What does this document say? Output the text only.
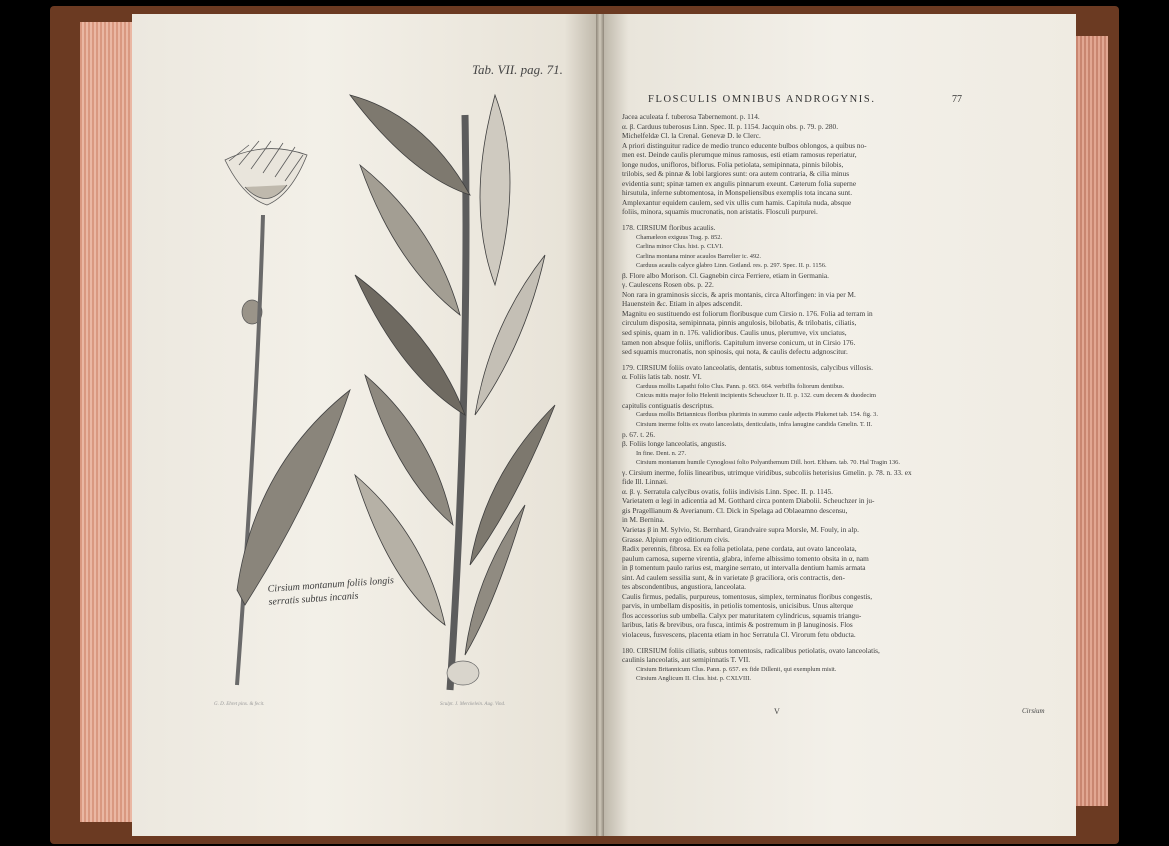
Tab. VII. pag. 71.
Cirsium montanum foliis longis
serratis subtus incanis
G. D. Ehret pinx. & fecit.	Sculpt. J. Merckelein. Aug. Vind.
FLOSCULIS OMNIBUS ANDROGYNIS.	77
Jacea aculeata f. tuberosa Tabernemont. p. 114.
α. β. Carduus tuberosus Linn. Spec. II. p. 1154. Jacquin obs. p. 79. p. 280.
Michelfeldæ Cl. la Crenal. Genevæ D. le Clerc.
A priori distinguitur radice de medio trunco educente bulbos oblongos, a quibus no-
men est. Deinde caulis plerumque minus ramosus, esti etiam ramosus reperiatur,
longe nudos, unifloros, biflorus. Folia petiolata, semipinnata, pinnis bilobis,
trilobis, sed & pinnæ & lobi largiores sunt: ora autem contraria, & cilia minus
evidentia sunt; spinæ tamen ex angulis pinnarum exeunt. Cæterum folia superne
hirsutula, inferne subtomentosa, in Monspeliensibus exemplis tota incana sunt.
Amplexantur equidem caulem, sed vix ullis cum hamis. Capitula nuda, absque
foliis, minora, squamis mucronatis, non aristatis. Flosculi purpurei.
178. CIRSIUM floribus acaulis.
Chamæleon exiguus Trag. p. 852.
Carlina minor Clus. hist. p. CLVI.
Carlina montana minor acaulos Barrelier ic. 492.
Carduus acaulis calyce glabro Linn. Gotland. res. p. 297. Spec. II. p. 1156.
β. Flore albo Morison. Cl. Gagnebin circa Ferriere, etiam in Germania.
γ. Caulescens Rosen obs. p. 22.
Non rara in graminosis siccis, & apris montanis, circa Altorfingen: in via per M.
Hauenstein &c. Etiam in alpes adscendit.
Magnitu eo sustituendo est foliorum floribusque cum Cirsio n. 176. Folia ad terram in
circulum disposita, semipinnata, pinnis angulosis, bilobatis, & trilobatis, ciliatis,
sed spinis, quam in n. 176. validioribus. Caulis unus, plerumve, vix unciatus,
tamen non absque foliis, unifloris. Capitulum inverse conicum, ut in Cirsio 176.
sed squamis mucronatis, non spinosis, qui nota, & caulis defectu adgnoscitur.
179. CIRSIUM foliis ovato lanceolatis, dentatis, subtus tomentosis, calycibus villosis.
α. Foliis latis tab. nostr. VI.
Carduus mollis Lapathi folio Clus. Pann. p. 663. 664. verbiflis foliorum dentibus.
Cnicus mitis major folio Helenii incipientis Scheuchzer It. II. p. 132. cum decem & duodecim
capitulis contiguatis descriptus.
Carduus mollis Britannicus floribus plurimis in summo caule adjectis Plukenet tab. 154. fig. 3.
Cirsium inerme foliis ex ovato lanceolatis, denticulatis, infra lanugine candida Gmelin. T. II.
p. 67. t. 26.
β. Foliis longe lanceolatis, angustis.
In fine. Dent. n. 27.
Cirsium montanum humile Cynoglossi folio Polyanthemum Dill. hort. Eltham. tab. 70. Hal Tragin 136.
γ. Cirsium inerme, foliis linearibus, utrimque viridibus, subcoliis heterisius Gmelin. p. 78. n. 33. ex
fide Ill. Linnæi.
α. β. γ. Serratula calycibus ovatis, foliis indivisis Linn. Spec. II. p. 1145.
Varietatem α legi in adicentia ad M. Gotthard circa pontem Diabolii. Scheuchzer in ju-
gis Pragellianum & Averianum. Cl. Dick in Spelaga ad Oblaeamno descensu,
in M. Bernina.
Varietas β in M. Sylvio, St. Bernhard, Grandvaire supra Morsle, M. Fouly, in alp.
Grasse. Alpium ergo editiorum civis.
Radix perennis, fibrosa. Ex ea folia petiolata, pene cordata, aut ovato lanceolata,
paulum carnosa, superne virentia, glabra, inferne albissimo tomento obsita in α, nam
in β tomentum paulo rarius est, margine serrato, ut intervalla dentium hamis armata
sint. Ad caulem sessilia sunt, & in varietate β graciliora, oris contractis, den-
tes abscondentibus, angustiora, lanceolata.
Caulis firmus, pedalis, purpureus, tomentosus, simplex, terminatus floribus congestis,
parvis, in umbellam dispositis, in petiolis tomentosis, unicisibus. Unus alterque
flos accessorius sub umbella. Calyx per maturitatem cylindricus, squamis triangu-
laribus, latis & brevibus, ora fusca, intimis & postremum in β lanuginosis. Flos
violaceus, fusvescens, placenta etiam in hoc Serratula Cl. Virorum fetu obducta.
180. CIRSIUM foliis ciliatis, subtus tomentosis, radicalibus petiolatis, ovato lanceolatis,
caulinis lanceolatis, aut semipinnatis T. VII.
Cirsium Britannicum Clus. Pann. p. 657. ex fide Dillenii, qui exemplum misit.
Cirsium Anglicum II. Clus. hist. p. CXLVIII.
V	Cirsium
